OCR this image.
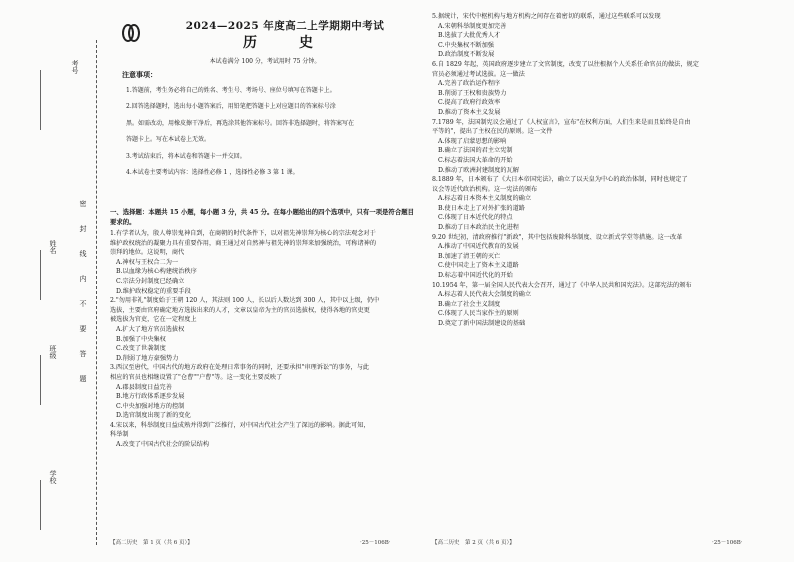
考号
姓名
班级
学校
密
封
线
内
不
要
答
题
2024—2025 年度高二上学期期中考试
历　史
本试卷满分 100 分，考试用时 75 分钟。
注意事项：

1.答题前，考生务必将自己的姓名、考生号、考场号、座位号填写在答题卡上。

2.回答选择题时，选出每小题答案后，用铅笔把答题卡上对应题目的答案标号涂

黑。如需改动，用橡皮擦干净后，再选涂其他答案标号。回答非选择题时，将答案写在

答题卡上。写在本试卷上无效。

3.考试结束后，将本试卷和答题卡一并交回。

4.本试卷主要考试内容：选择性必修 1 ，选择性必修 3 第 1 课。

一、选择题：本题共 15 小题，每小题 3 分，共 45 分。在每小题给出的四个选项中，只有一项是符合题目要求的。

1.有学者认为，殷人尊崇鬼神自到，在商朝的时代条件下，以对祖先神崇拜为核心的宗法观念对于

维护政权统治的凝聚力具有重要作用，商王通过对自然神与祖先神的崇拜来加强统治，可称诸神的

崇拜的地位。这说明，商代

A.神权与王权合二为一

B.以血缘为核心构建统治秩序

C.宗法分封制度已经确立

D.维护政权稳定的重要手段

2."勿用非礼"制度始于王朝 120 人，其法则 100 人，长以后人数达到 300 人，其中以上级，仍中

选拔，主要由官府确定地方选拔出来的人才，文章以皇帝为主的官员选拔权，使得各地的官吏更

被选拔为官吏，它在一定程度上

A.扩大了地方官员选拔权

B.加强了中央集权

C.改变了世袭制度

D.削弱了地方豪强势力

3.西汉至唐代，中国古代的地方政府在处理日常事务的同时，还要承担"审理诉讼"的事务，与此

相应的官员也相继设置了"仓曹""户曹"等。这一变化主要反映了

A.郡县制度日益完善

B.地方行政体系逐步发展

C.中央加强对地方的控制

D.选官制度出现了新的变化

4.宋以来，科举制度日益成熟并得到广泛推行，对中国古代社会产生了深远的影响。据此可知，

科举制

A.改变了中国古代社会的阶层结构

5.据统计，宋代中枢机构与地方机构之间存在着密切的联系，通过这些联系可以发现

A.宋朝科举制度更加完善

B.选拔了大批优秀人才

C.中央集权不断加强

D.政治制度不断发展

6.自 1829 年起，英国政府逐步建立了文官制度，改变了以往根据个人关系任命官员的做法，规定

官员必须通过考试选拔。这一做法

A.完善了政治运作程序

B.削弱了王权和贵族势力

C.提高了政府行政效率

D.推动了资本主义发展

7.1789 年，法国制宪议会通过了《人权宣言》，宣布"在权利方面，人们生来是而且始终是自由

平等的"，提出了主权在民的原则。这一文件

A.体现了启蒙思想的影响

B.确立了法国的君主立宪制

C.标志着法国大革命的开始

D.推动了欧洲封建制度的瓦解

8.1889 年，日本颁布了《大日本帝国宪法》，确立了以天皇为中心的政治体制，同时也规定了

议会等近代政治机构。这一宪法的颁布

A.标志着日本资本主义制度的确立

B.使日本走上了对外扩张的道路

C.体现了日本近代化的特点

D.推动了日本政治民主化进程

9.20 世纪初，清政府推行"新政"，其中包括废除科举制度、设立新式学堂等措施。这一改革

A.推动了中国近代教育的发展

B.加速了清王朝的灭亡

C.使中国走上了资本主义道路

D.标志着中国近代化的开始

10.1954 年，第一届全国人民代表大会召开，通过了《中华人民共和国宪法》。这部宪法的颁布

A.标志着人民代表大会制度的确立

B.确立了社会主义制度

C.体现了人民当家作主的原则

D.奠定了新中国法制建设的基础

【高二历史　第 1 页（共 6 页）】	·25－106B·	【高二历史　第 2 页（共 6 页）】	·25－106B·
